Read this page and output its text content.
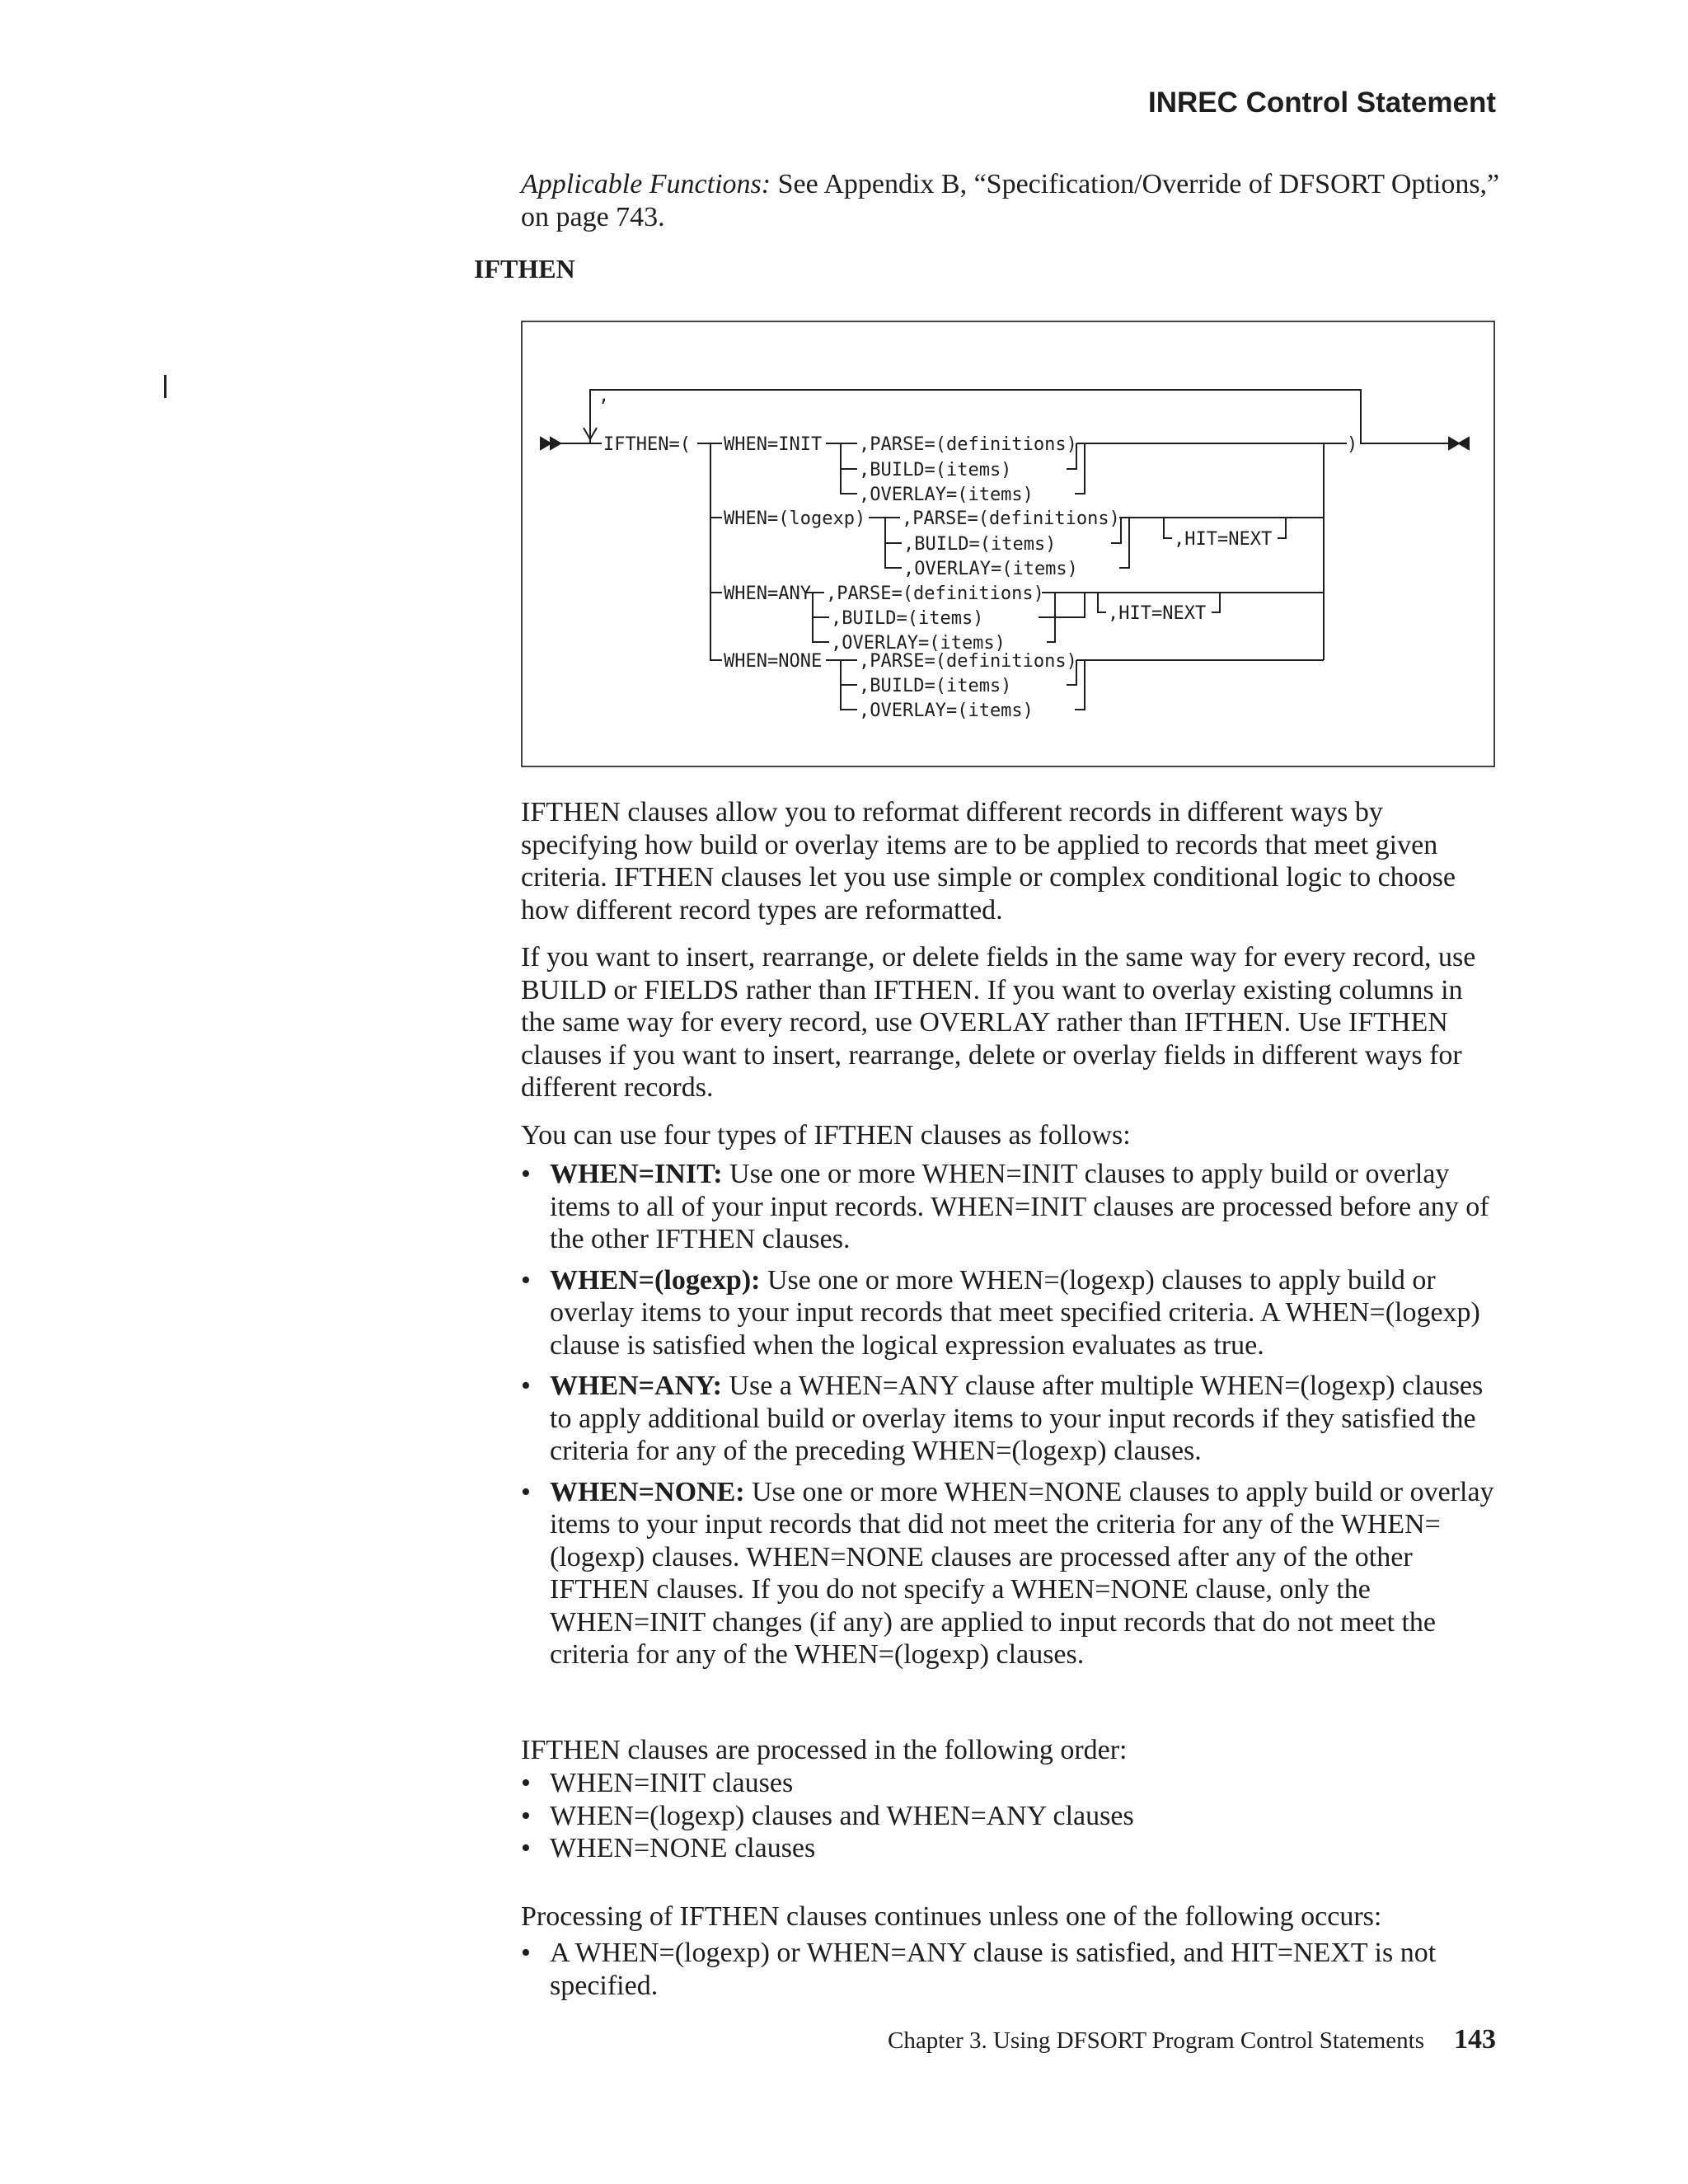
INREC Control Statement

Applicable Functions: See Appendix B, “Specification/Override of DFSORT Options,” on page 743.

IFTHEN
,
IFTHEN=( WHEN=INIT ,PARSE=(definitions)
,BUILD=(items)
,OVERLAY=(items)
WHEN=(logexp) ,PARSE=(definitions)
,BUILD=(items)
,OVERLAY=(items)
,HIT=NEXT
WHEN=ANY ,PARSE=(definitions)
,BUILD=(items)
,OVERLAY=(items)
,HIT=NEXT
WHEN=NONE ,PARSE=(definitions)
,BUILD=(items)
,OVERLAY=(items)
)

IFTHEN clauses allow you to reformat different records in different ways by specifying how build or overlay items are to be applied to records that meet given criteria. IFTHEN clauses let you use simple or complex conditional logic to choose how different record types are reformatted.

If you want to insert, rearrange, or delete fields in the same way for every record, use BUILD or FIELDS rather than IFTHEN. If you want to overlay existing columns in the same way for every record, use OVERLAY rather than IFTHEN. Use IFTHEN clauses if you want to insert, rearrange, delete or overlay fields in different ways for different records.

You can use four types of IFTHEN clauses as follows:

• WHEN=INIT: Use one or more WHEN=INIT clauses to apply build or overlay items to all of your input records. WHEN=INIT clauses are processed before any of the other IFTHEN clauses.
• WHEN=(logexp): Use one or more WHEN=(logexp) clauses to apply build or overlay items to your input records that meet specified criteria. A WHEN=(logexp) clause is satisfied when the logical expression evaluates as true.
• WHEN=ANY: Use a WHEN=ANY clause after multiple WHEN=(logexp) clauses to apply additional build or overlay items to your input records if they satisfied the criteria for any of the preceding WHEN=(logexp) clauses.
• WHEN=NONE: Use one or more WHEN=NONE clauses to apply build or overlay items to your input records that did not meet the criteria for any of the WHEN=(logexp) clauses. WHEN=NONE clauses are processed after any of the other IFTHEN clauses. If you do not specify a WHEN=NONE clause, only the WHEN=INIT changes (if any) are applied to input records that do not meet the criteria for any of the WHEN=(logexp) clauses.

IFTHEN clauses are processed in the following order:

• WHEN=INIT clauses
• WHEN=(logexp) clauses and WHEN=ANY clauses
• WHEN=NONE clauses

Processing of IFTHEN clauses continues unless one of the following occurs:

• A WHEN=(logexp) or WHEN=ANY clause is satisfied, and HIT=NEXT is not specified.

Chapter 3. Using DFSORT Program Control Statements 143
